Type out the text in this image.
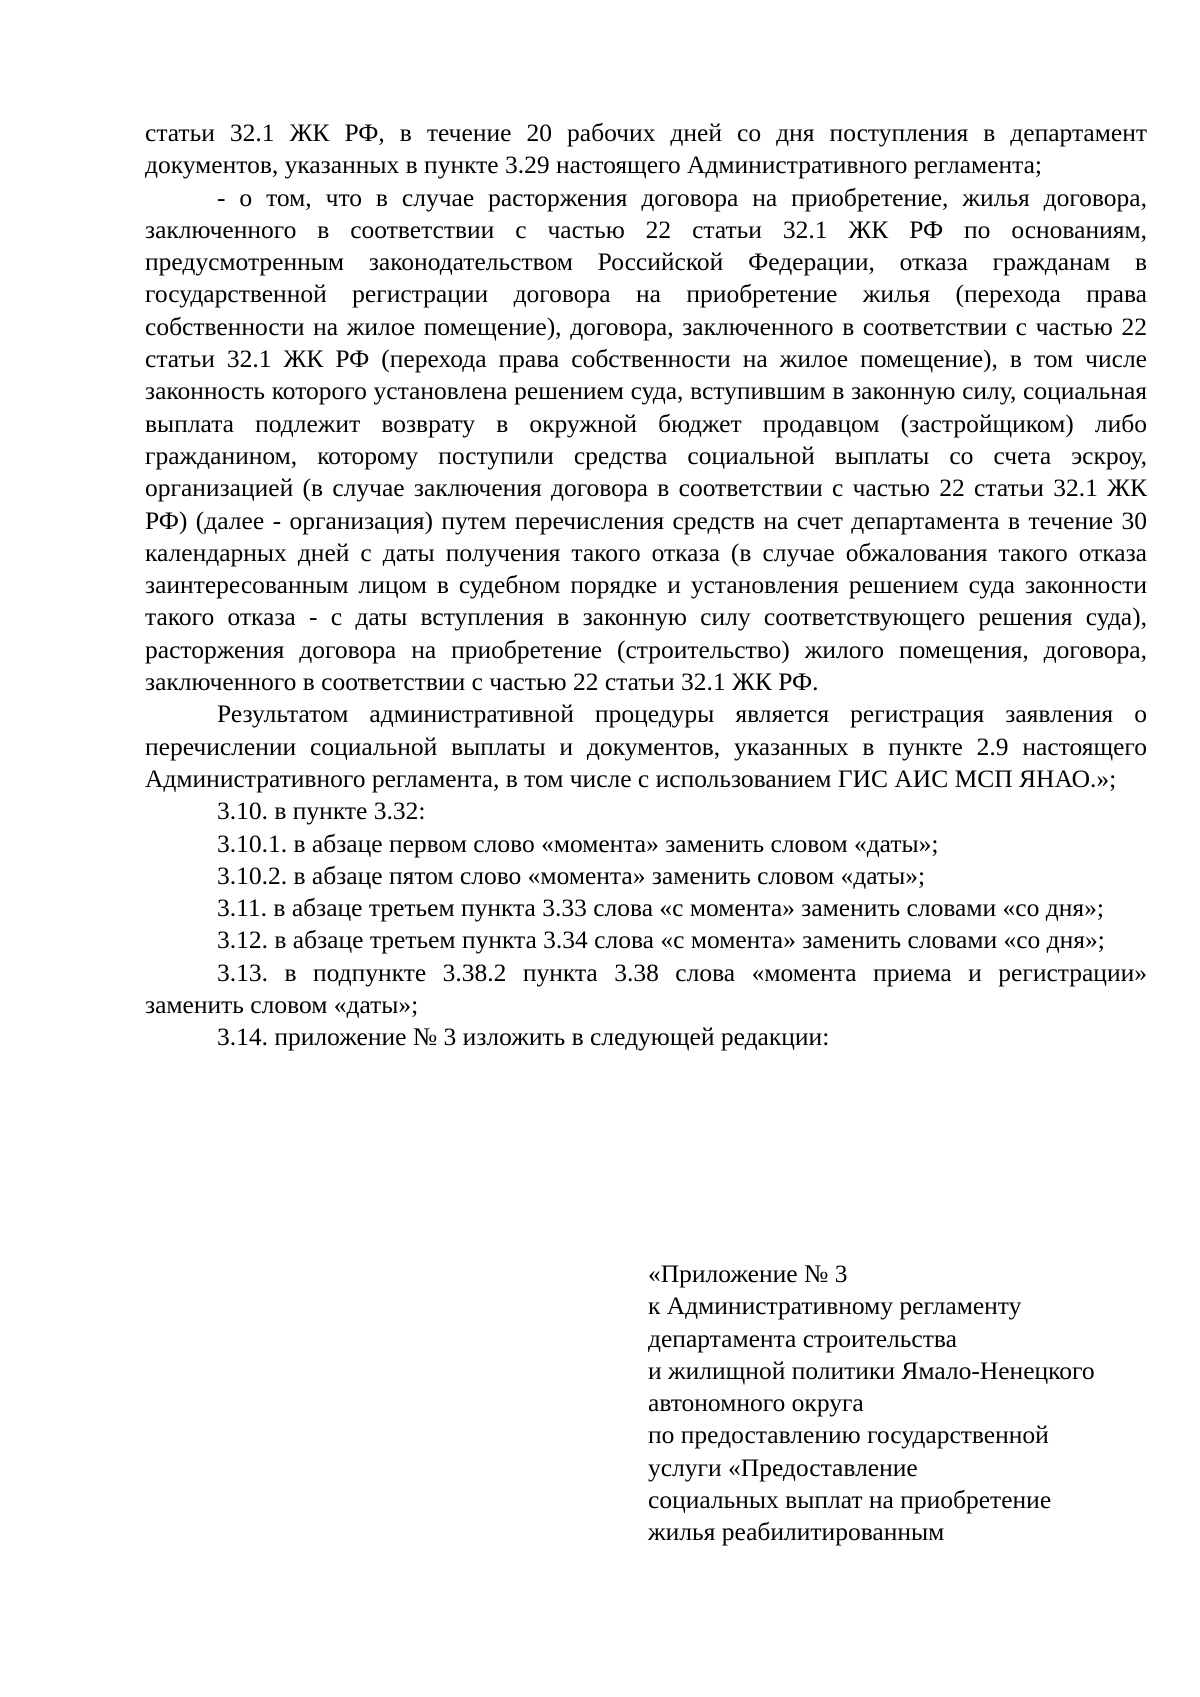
статьи 32.1 ЖК РФ, в течение 20 рабочих дней со дня поступления в департамент документов, указанных в пункте 3.29 настоящего Административного регламента;

- о том, что в случае расторжения договора на приобретение, жилья договора, заключенного в соответствии с частью 22 статьи 32.1 ЖК РФ по основаниям, предусмотренным законодательством Российской Федерации, отказа гражданам в государственной регистрации договора на приобретение жилья (перехода права собственности на жилое помещение), договора, заключенного в соответствии с частью 22 статьи 32.1 ЖК РФ (перехода права собственности на жилое помещение), в том числе законность которого установлена решением суда, вступившим в законную силу, социальная выплата подлежит возврату в окружной бюджет продавцом (застройщиком) либо гражданином, которому поступили средства социальной выплаты со счета эскроу, организацией (в случае заключения договора в соответствии с частью 22 статьи 32.1 ЖК РФ) (далее - организация) путем перечисления средств на счет департамента в течение 30 календарных дней с даты получения такого отказа (в случае обжалования такого отказа заинтересованным лицом в судебном порядке и установления решением суда законности такого отказа - с даты вступления в законную силу соответствующего решения суда), расторжения договора на приобретение (строительство) жилого помещения, договора, заключенного в соответствии с частью 22 статьи 32.1 ЖК РФ.

Результатом административной процедуры является регистрация заявления о перечислении социальной выплаты и документов, указанных в пункте 2.9 настоящего Административного регламента, в том числе с использованием ГИС АИС МСП ЯНАО.»;

3.10. в пункте 3.32:

3.10.1. в абзаце первом слово «момента» заменить словом «даты»;

3.10.2. в абзаце пятом слово «момента» заменить словом «даты»;

3.11. в абзаце третьем пункта 3.33 слова «с момента» заменить словами «со дня»;

3.12. в абзаце третьем пункта 3.34 слова «с момента» заменить словами «со дня»;

3.13. в подпункте 3.38.2 пункта 3.38 слова «момента приема и регистрации» заменить словом «даты»;

3.14. приложение № 3 изложить в следующей редакции:

«Приложение № 3
к Административному регламенту
департамента строительства
и жилищной политики Ямало-Ненецкого
автономного округа
по предоставлению государственной
услуги «Предоставление
социальных выплат на приобретение
жилья реабилитированным
